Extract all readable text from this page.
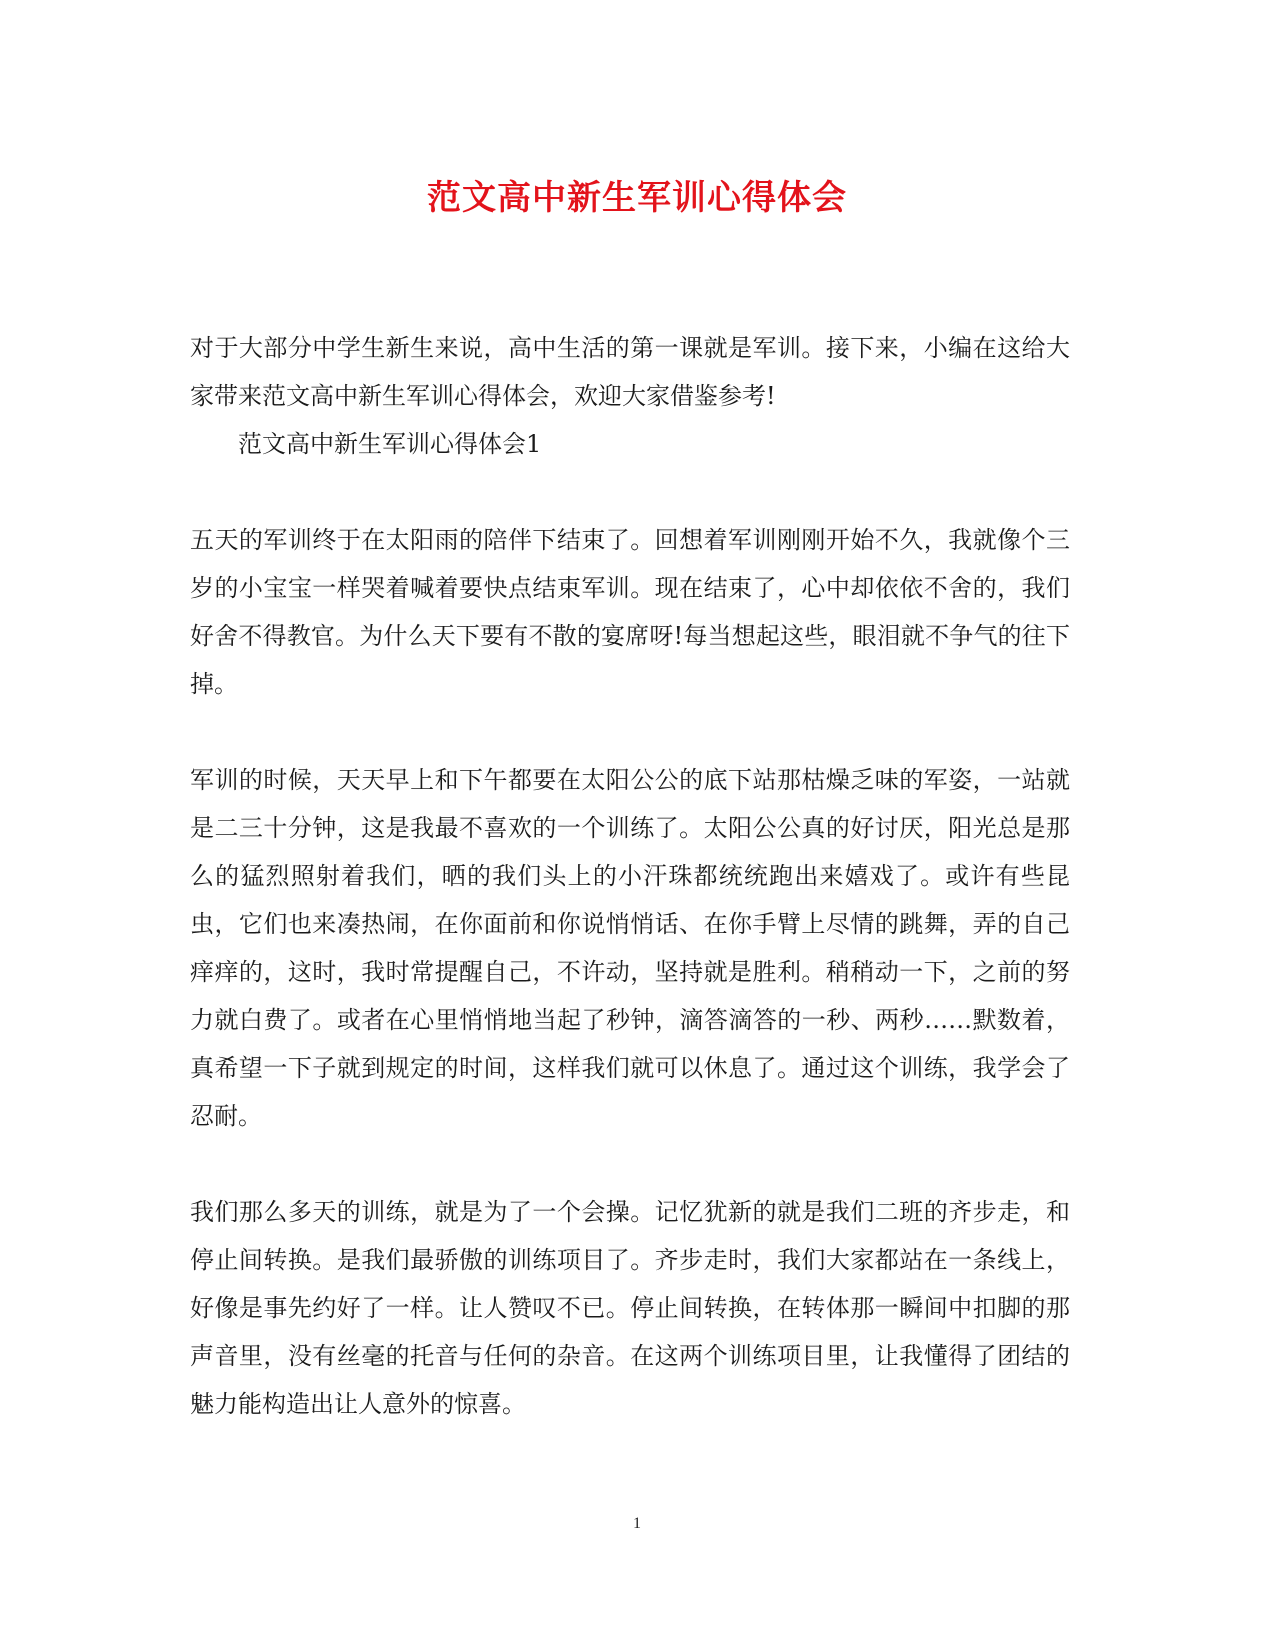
范文高中新生军训心得体会

对于大部分中学生新生来说，高中生活的第一课就是军训。接下来，小编在这给大家带来范文高中新生军训心得体会，欢迎大家借鉴参考!

范文高中新生军训心得体会1

五天的军训终于在太阳雨的陪伴下结束了。回想着军训刚刚开始不久，我就像个三岁的小宝宝一样哭着喊着要快点结束军训。现在结束了，心中却依依不舍的，我们好舍不得教官。为什么天下要有不散的宴席呀!每当想起这些，眼泪就不争气的往下掉。

军训的时候，天天早上和下午都要在太阳公公的底下站那枯燥乏味的军姿，一站就是二三十分钟，这是我最不喜欢的一个训练了。太阳公公真的好讨厌，阳光总是那么的猛烈照射着我们，晒的我们头上的小汗珠都统统跑出来嬉戏了。或许有些昆虫，它们也来凑热闹，在你面前和你说悄悄话、在你手臂上尽情的跳舞，弄的自己痒痒的，这时，我时常提醒自己，不许动，坚持就是胜利。稍稍动一下，之前的努力就白费了。或者在心里悄悄地当起了秒钟，滴答滴答的一秒、两秒……默数着，真希望一下子就到规定的时间，这样我们就可以休息了。通过这个训练，我学会了忍耐。

我们那么多天的训练，就是为了一个会操。记忆犹新的就是我们二班的齐步走，和停止间转换。是我们最骄傲的训练项目了。齐步走时，我们大家都站在一条线上，好像是事先约好了一样。让人赞叹不已。停止间转换，在转体那一瞬间中扣脚的那声音里，没有丝毫的托音与任何的杂音。在这两个训练项目里，让我懂得了团结的魅力能构造出让人意外的惊喜。

1
